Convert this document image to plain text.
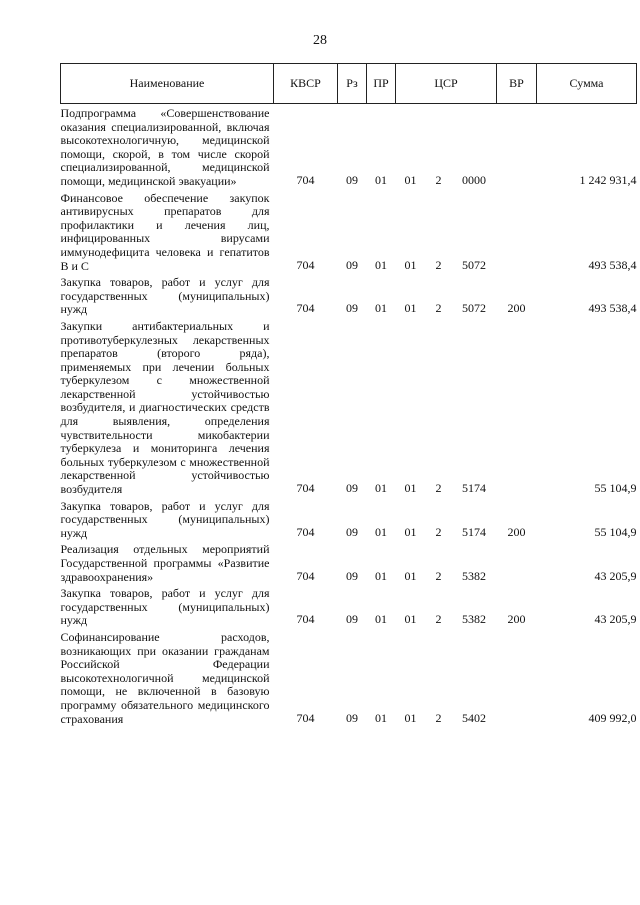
28
Наименование	КВСР	Рз	ПР	ЦСР			ВР	Сумма
Подпрограмма «Совершенствование оказания специализированной, включая высокотехнологичную, медицинской помощи, скорой, в том числе скорой специализированной, медицинской помощи, медицинской эвакуации»	704	09	01	01	2	0000		1 242 931,4
Финансовое обеспечение закупок антивирусных препаратов для профилактики и лечения лиц, инфицированных вирусами иммунодефицита человека и гепатитов В и С	704	09	01	01	2	5072		493 538,4
Закупка товаров, работ и услуг для государственных (муниципальных) нужд	704	09	01	01	2	5072	200	493 538,4
Закупки антибактериальных и противотуберкулезных лекарственных препаратов (второго ряда), применяемых при лечении больных туберкулезом с множественной лекарственной устойчивостью возбудителя, и диагностических средств для выявления, определения чувствительности микобактерии туберкулеза и мониторинга лечения больных туберкулезом с множественной лекарственной устойчивостью возбудителя	704	09	01	01	2	5174		55 104,9
Закупка товаров, работ и услуг для государственных (муниципальных) нужд	704	09	01	01	2	5174	200	55 104,9
Реализация отдельных мероприятий Государственной программы «Развитие здравоохранения»	704	09	01	01	2	5382		43 205,9
Закупка товаров, работ и услуг для государственных (муниципальных) нужд	704	09	01	01	2	5382	200	43 205,9
Софинансирование расходов, возникающих при оказании гражданам Российской Федерации высокотехнологичной медицинской помощи, не включенной в базовую программу обязательного медицинского страхования	704	09	01	01	2	5402		409 992,0
